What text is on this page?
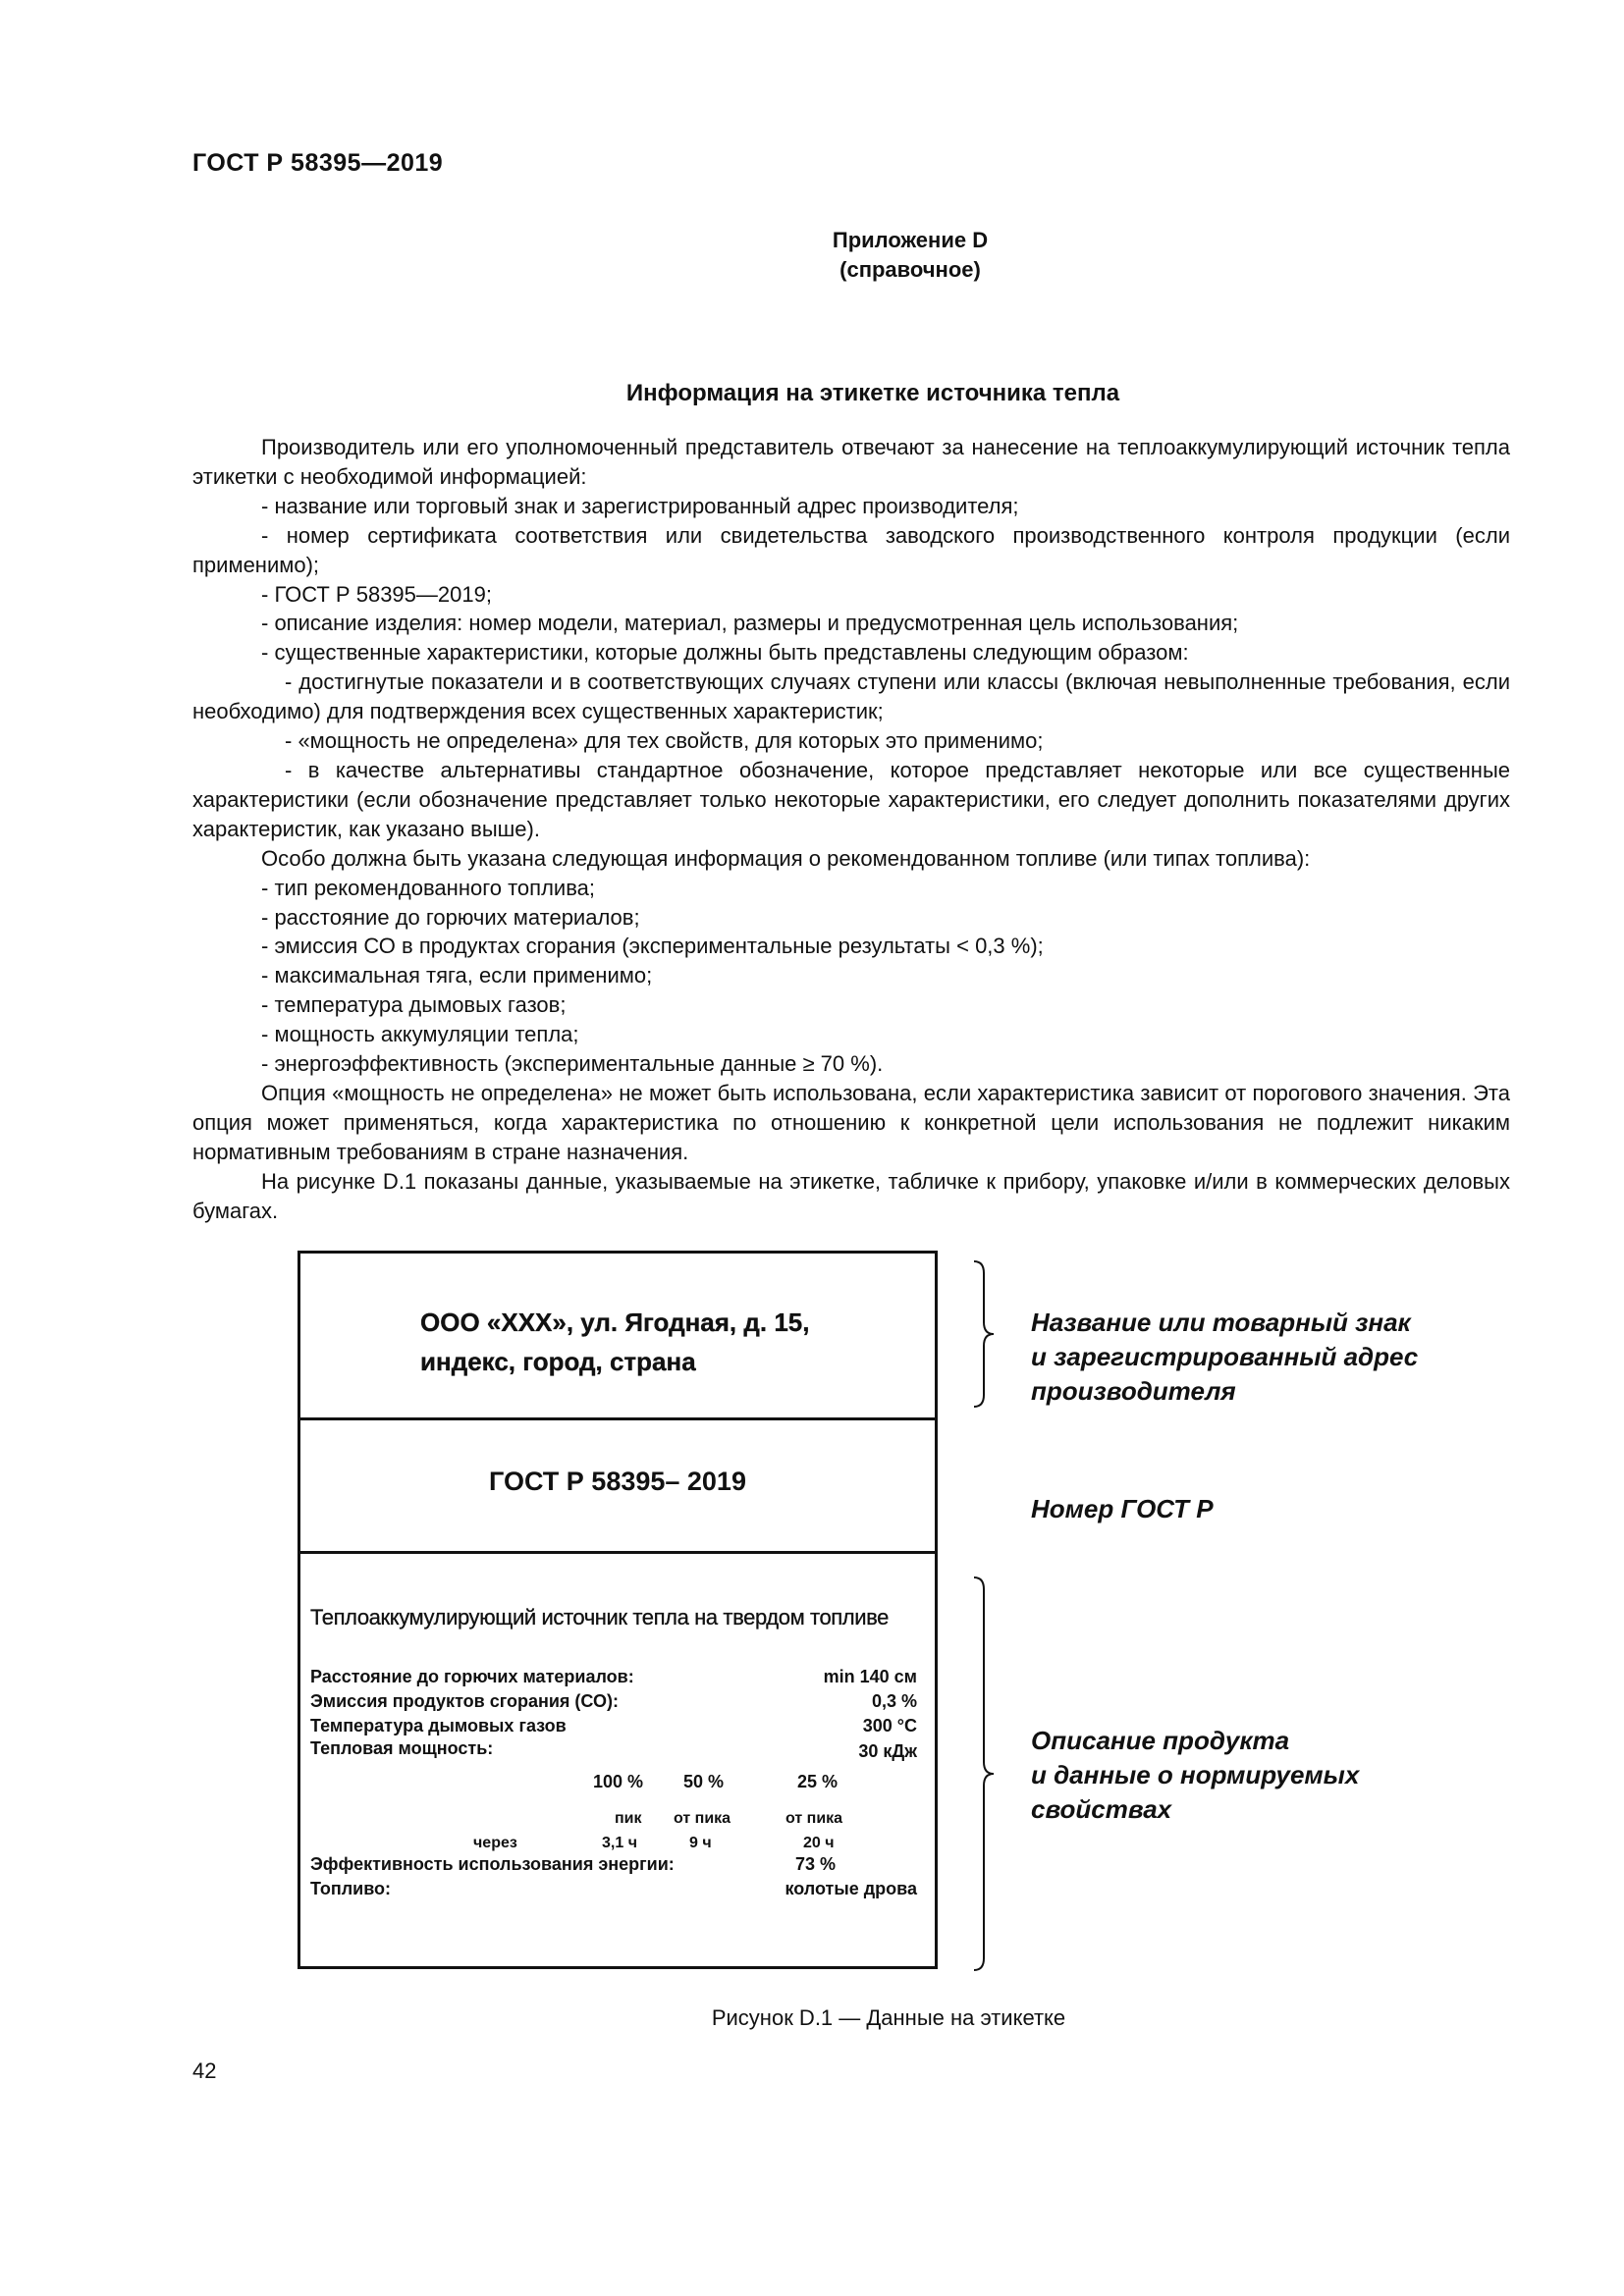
ГОСТ Р 58395—2019
Приложение D
(справочное)
Информация на этикетке источника тепла

Производитель или его уполномоченный представитель отвечают за нанесение на теплоаккумулирующий источник тепла этикетки с необходимой информацией:

- название или торговый знак и зарегистрированный адрес производителя;

- номер сертификата соответствия или свидетельства заводского производственного контроля продукции (если применимо);

- ГОСТ Р 58395—2019;

- описание изделия: номер модели, материал, размеры и предусмотренная цель использования;

- существенные характеристики, которые должны быть представлены следующим образом:

- достигнутые показатели и в соответствующих случаях ступени или классы (включая невыполненные требования, если необходимо) для подтверждения всех существенных характеристик;

- «мощность не определена» для тех свойств, для которых это применимо;

- в качестве альтернативы стандартное обозначение, которое представляет некоторые или все существенные характеристики (если обозначение представляет только некоторые характеристики, его следует дополнить показателями других характеристик, как указано выше).

Особо должна быть указана следующая информация о рекомендованном топливе (или типах топлива):

- тип рекомендованного топлива;

- расстояние до горючих материалов;

- эмиссия СО в продуктах сгорания (экспериментальные результаты < 0,3 %);

- максимальная тяга, если применимо;

- температура дымовых газов;

- мощность аккумуляции тепла;

- энергоэффективность (экспериментальные данные ≥ 70 %).

Опция «мощность не определена» не может быть использована, если характеристика зависит от порогового значения. Эта опция может применяться, когда характеристика по отношению к конкретной цели использования не подлежит никаким нормативным требованиям в стране назначения.

На рисунке D.1 показаны данные, указываемые на этикетке, табличке к прибору, упаковке и/или в коммерческих деловых бумагах.

ООО «XXX», ул. Ягодная, д. 15,
индекс, город, страна
ГОСТ Р 58395– 2019
Теплоаккумулирующий источник тепла на твердом топливе
Расстояние до горючих материалов:	min 140 см
Эмиссия продуктов сгорания (СО):	0,3 %
Температура дымовых газов	300 °С
Тепловая мощность:	30 кДж
100 % 50 %	25 %
пик от пика	от пика
через	3,1 ч	9 ч	20 ч
Эффективность использования энергии:	73 %
Топливо:	колотые дрова
Название или товарный знак
и зарегистрированный адрес
производителя
Номер ГОСТ Р
Описание продукта
и данные о нормируемых
свойствах
Рисунок D.1 — Данные на этикетке
42
